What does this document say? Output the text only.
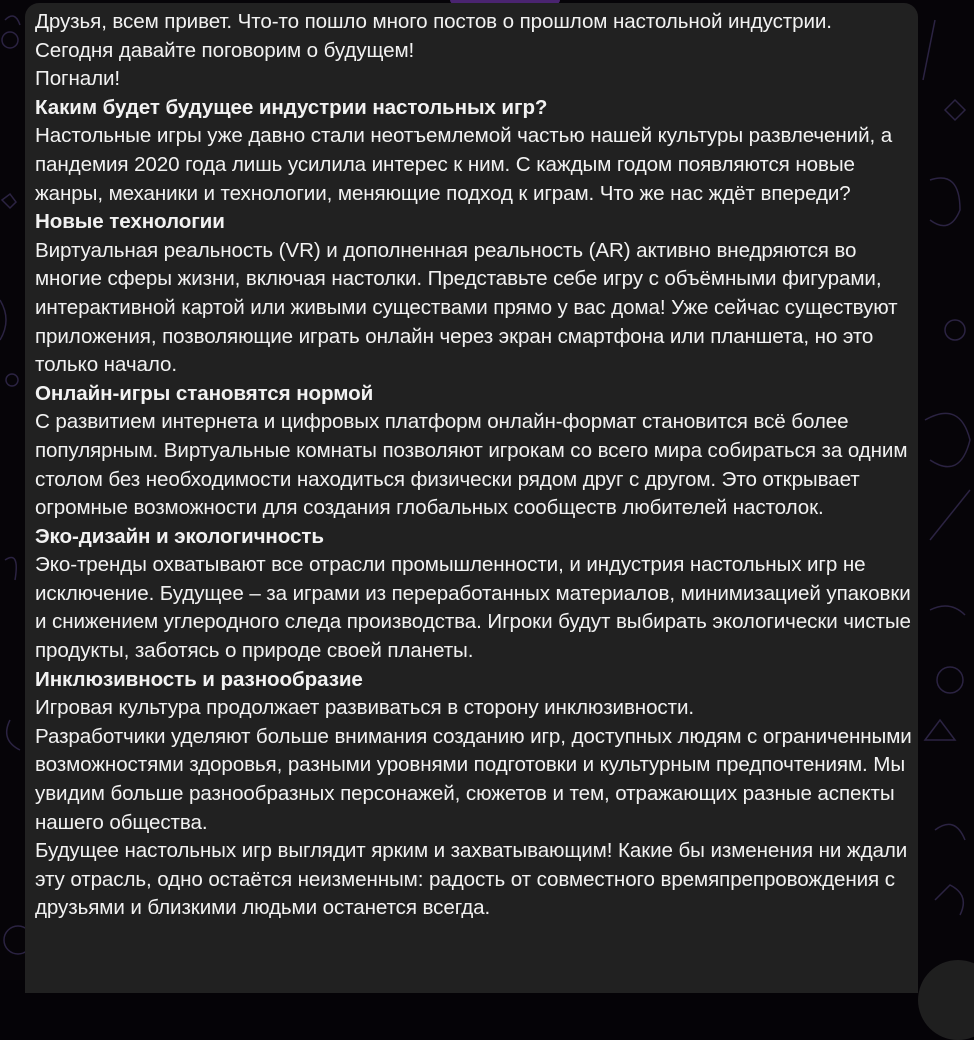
Друзья, всем привет. Что-то пошло много постов о прошлом настольной индустрии.

Сегодня давайте поговорим о будущем!

Погнали!

Каким будет будущее индустрии настольных игр?

Настольные игры уже давно стали неотъемлемой частью нашей культуры развлечений, а пандемия 2020 года лишь усилила интерес к ним. С каждым годом появляются новые жанры, механики и технологии, меняющие подход к играм. Что же нас ждёт впереди?

Новые технологии

Виртуальная реальность (VR) и дополненная реальность (AR) активно внедряются во многие сферы жизни, включая настолки. Представьте себе игру с объёмными фигурами, интерактивной картой или живыми существами прямо у вас дома! Уже сейчас существуют приложения, позволяющие играть онлайн через экран смартфона или планшета, но это только начало.

Онлайн-игры становятся нормой

С развитием интернета и цифровых платформ онлайн-формат становится всё более популярным. Виртуальные комнаты позволяют игрокам со всего мира собираться за одним столом без необходимости находиться физически рядом друг с другом. Это открывает огромные возможности для создания глобальных сообществ любителей настолок.

Эко-дизайн и экологичность

Эко-тренды охватывают все отрасли промышленности, и индустрия настольных игр не исключение. Будущее – за играми из переработанных материалов, минимизацией упаковки и снижением углеродного следа производства. Игроки будут выбирать экологически чистые продукты, заботясь о природе своей планеты.

Инклюзивность и разнообразие

Игровая культура продолжает развиваться в сторону инклюзивности.

Разработчики уделяют больше внимания созданию игр, доступных людям с ограниченными возможностями здоровья, разными уровнями подготовки и культурным предпочтениям. Мы увидим больше разнообразных персонажей, сюжетов и тем, отражающих разные аспекты нашего общества.

Будущее настольных игр выглядит ярким и захватывающим! Какие бы изменения ни ждали эту отрасль, одно остаётся неизменным: радость от совместного времяпрепровождения с друзьями и близкими людьми останется всегда.
